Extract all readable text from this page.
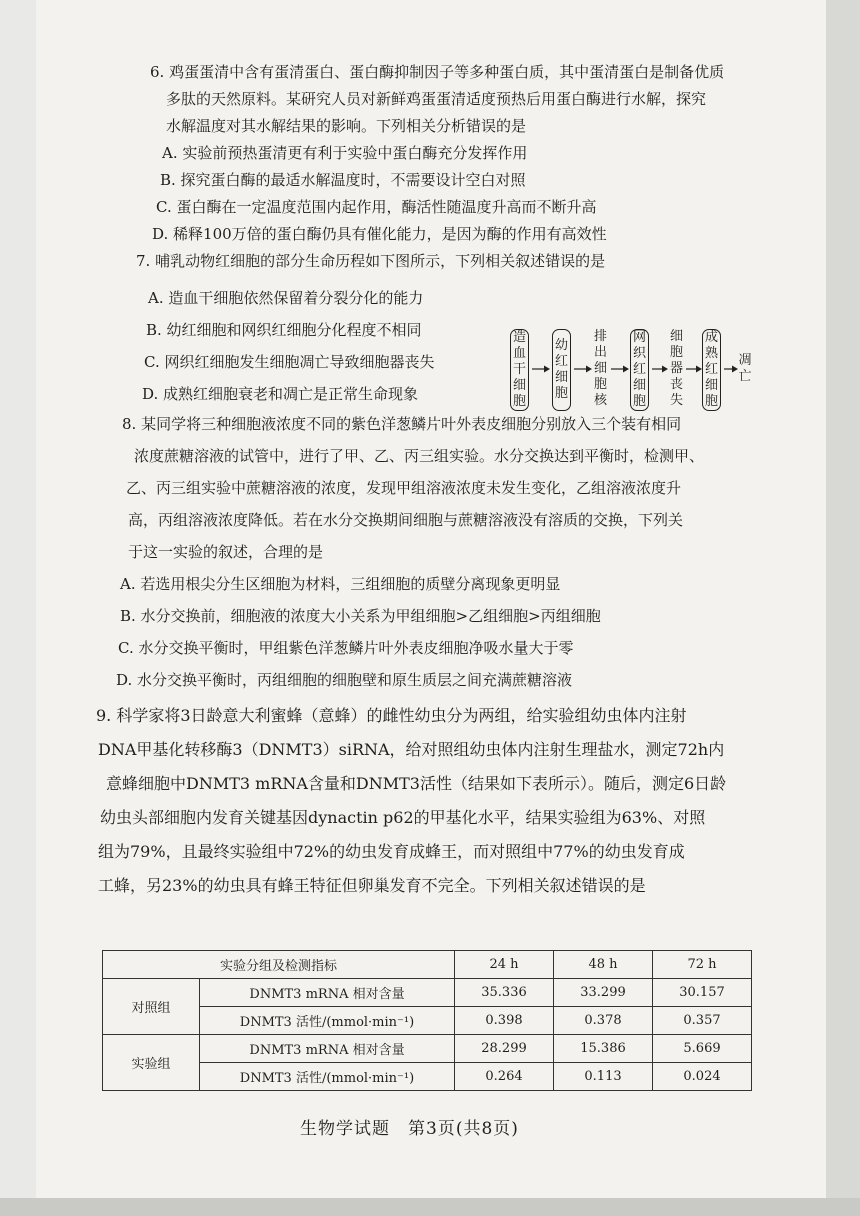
6. 鸡蛋蛋清中含有蛋清蛋白、蛋白酶抑制因子等多种蛋白质，其中蛋清蛋白是制备优质
多肽的天然原料。某研究人员对新鲜鸡蛋蛋清适度预热后用蛋白酶进行水解，探究
水解温度对其水解结果的影响。下列相关分析错误的是
A. 实验前预热蛋清更有利于实验中蛋白酶充分发挥作用
B. 探究蛋白酶的最适水解温度时，不需要设计空白对照
C. 蛋白酶在一定温度范围内起作用，酶活性随温度升高而不断升高
D. 稀释100万倍的蛋白酶仍具有催化能力，是因为酶的作用有高效性
7. 哺乳动物红细胞的部分生命历程如下图所示，下列相关叙述错误的是
A. 造血干细胞依然保留着分裂分化的能力
B. 幼红细胞和网织红细胞分化程度不相同
C. 网织红细胞发生细胞凋亡导致细胞器丧失
D. 成熟红细胞衰老和凋亡是正常生命现象
8. 某同学将三种细胞液浓度不同的紫色洋葱鳞片叶外表皮细胞分别放入三个装有相同
浓度蔗糖溶液的试管中，进行了甲、乙、丙三组实验。水分交换达到平衡时，检测甲、
乙、丙三组实验中蔗糖溶液的浓度，发现甲组溶液浓度未发生变化，乙组溶液浓度升
高，丙组溶液浓度降低。若在水分交换期间细胞与蔗糖溶液没有溶质的交换，下列关
于这一实验的叙述，合理的是
A. 若选用根尖分生区细胞为材料，三组细胞的质壁分离现象更明显
B. 水分交换前，细胞液的浓度大小关系为甲组细胞>乙组细胞>丙组细胞
C. 水分交换平衡时，甲组紫色洋葱鳞片叶外表皮细胞净吸水量大于零
D. 水分交换平衡时，丙组细胞的细胞壁和原生质层之间充满蔗糖溶液
9. 科学家将3日龄意大利蜜蜂（意蜂）的雌性幼虫分为两组，给实验组幼虫体内注射
DNA甲基化转移酶3（DNMT3）siRNA，给对照组幼虫体内注射生理盐水，测定72h内
意蜂细胞中DNMT3 mRNA含量和DNMT3活性（结果如下表所示）。随后，测定6日龄
幼虫头部细胞内发育关键基因dynactin p62的甲基化水平，结果实验组为63%、对照
组为79%，且最终实验组中72%的幼虫发育成蜂王，而对照组中77%的幼虫发育成
工蜂，另23%的幼虫具有蜂王特征但卵巢发育不完全。下列相关叙述错误的是
实验分组及检测指标		24 h	48 h	72 h
对照组	DNMT3 mRNA 相对含量	35.336	33.299	30.157
	DNMT3 活性/(mmol·min⁻¹)	0.398	0.378	0.357
实验组	DNMT3 mRNA 相对含量	28.299	15.386	5.669
	DNMT3 活性/(mmol·min⁻¹)	0.264	0.113	0.024
生物学试题　第3页(共8页)
造
血
干
细
胞
幼
红
细
胞
排
出
细
胞
核
网
织
红
细
胞
细
胞
器
丧
失
成
熟
红
细
胞
凋
亡
